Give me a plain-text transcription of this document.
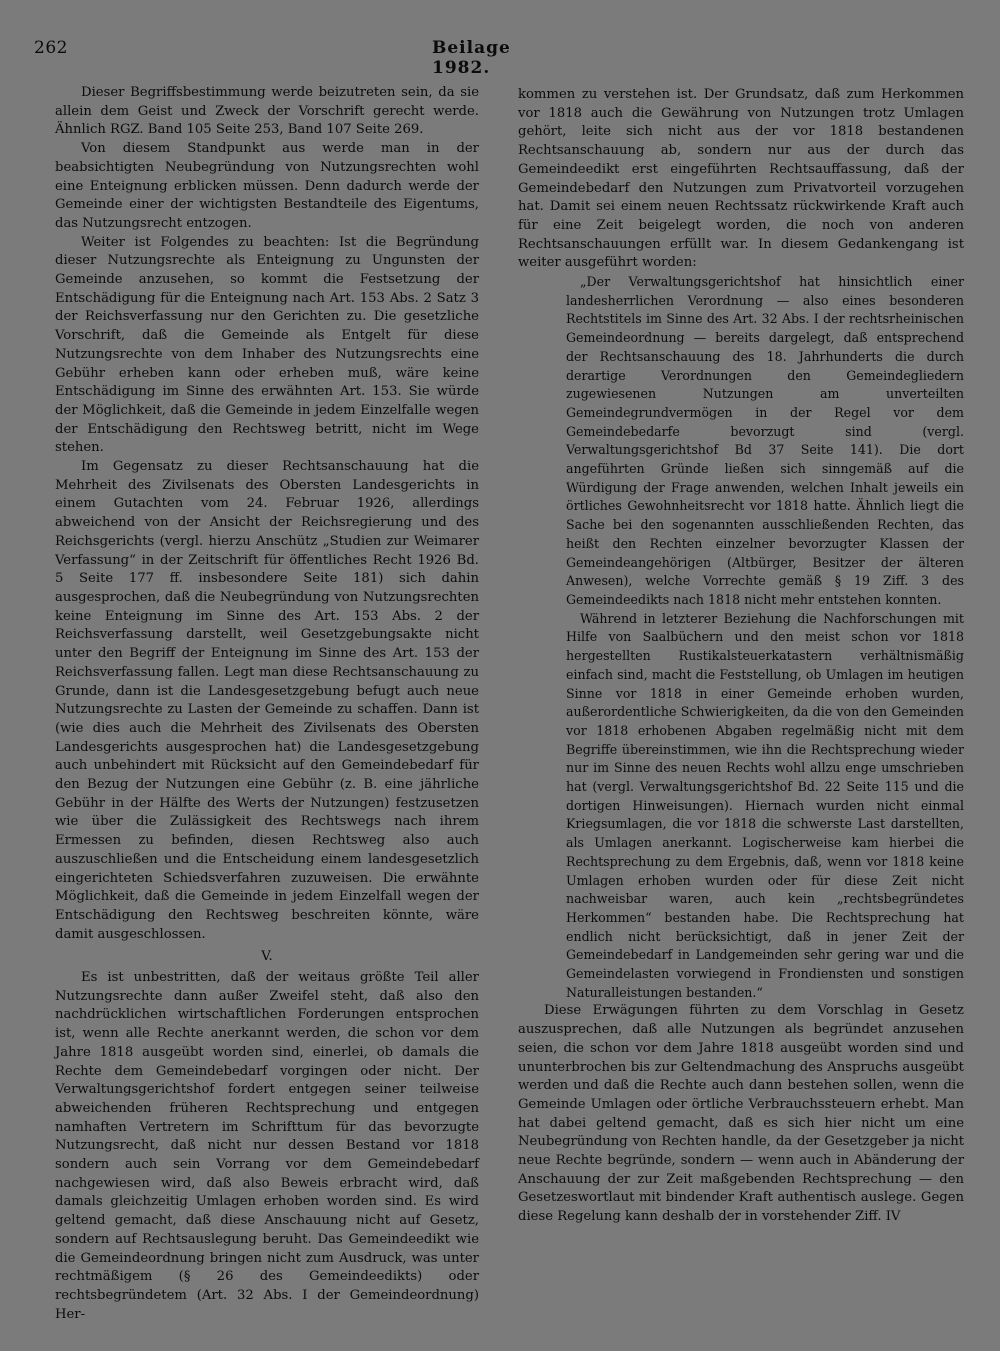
262	Beilage 1982.

Dieser Begriffsbestimmung werde beizutreten sein, da sie allein dem Geist und Zweck der Vorschrift gerecht werde. Ähnlich RGZ. Band 105 Seite 253, Band 107 Seite 269.

Von diesem Standpunkt aus werde man in der beabsichtigten Neubegründung von Nutzungsrechten wohl eine Enteignung erblicken müssen. Denn dadurch werde der Gemeinde einer der wichtigsten Bestandteile des Eigentums, das Nutzungsrecht entzogen.

Weiter ist Folgendes zu beachten: Ist die Begründung dieser Nutzungsrechte als Enteignung zu Ungunsten der Gemeinde anzusehen, so kommt die Festsetzung der Entschädigung für die Enteignung nach Art. 153 Abs. 2 Satz 3 der Reichsverfassung nur den Gerichten zu. Die gesetzliche Vorschrift, daß die Gemeinde als Entgelt für diese Nutzungsrechte von dem Inhaber des Nutzungsrechts eine Gebühr erheben kann oder erheben muß, wäre keine Entschädigung im Sinne des erwähnten Art. 153. Sie würde der Möglichkeit, daß die Gemeinde in jedem Einzelfalle wegen der Entschädigung den Rechtsweg betritt, nicht im Wege stehen.

Im Gegensatz zu dieser Rechtsanschauung hat die Mehrheit des Zivilsenats des Obersten Landesgerichts in einem Gutachten vom 24. Februar 1926, allerdings abweichend von der Ansicht der Reichsregierung und des Reichsgerichts (vergl. hierzu Anschütz „Studien zur Weimarer Verfassung“ in der Zeitschrift für öffentliches Recht 1926 Bd. 5 Seite 177 ff. insbesondere Seite 181) sich dahin ausgesprochen, daß die Neubegründung von Nutzungsrechten keine Enteignung im Sinne des Art. 153 Abs. 2 der Reichsverfassung darstellt, weil Gesetzgebungsakte nicht unter den Begriff der Enteignung im Sinne des Art. 153 der Reichsverfassung fallen. Legt man diese Rechtsanschauung zu Grunde, dann ist die Landesgesetzgebung befugt auch neue Nutzungsrechte zu Lasten der Gemeinde zu schaffen. Dann ist (wie dies auch die Mehrheit des Zivilsenats des Obersten Landesgerichts ausgesprochen hat) die Landesgesetzgebung auch unbehindert mit Rücksicht auf den Gemeindebedarf für den Bezug der Nutzungen eine Gebühr (z. B. eine jährliche Gebühr in der Hälfte des Werts der Nutzungen) festzusetzen wie über die Zulässigkeit des Rechtswegs nach ihrem Ermessen zu befinden, diesen Rechtsweg also auch auszuschließen und die Entscheidung einem landesgesetzlich eingerichteten Schiedsverfahren zuzuweisen. Die erwähnte Möglichkeit, daß die Gemeinde in jedem Einzelfall wegen der Entschädigung den Rechtsweg beschreiten könnte, wäre damit ausgeschlossen.

V.

Es ist unbestritten, daß der weitaus größte Teil aller Nutzungsrechte dann außer Zweifel steht, daß also den nachdrücklichen wirtschaftlichen Forderungen entsprochen ist, wenn alle Rechte anerkannt werden, die schon vor dem Jahre 1818 ausgeübt worden sind, einerlei, ob damals die Rechte dem Gemeindebedarf vorgingen oder nicht. Der Verwaltungsgerichtshof fordert entgegen seiner teilweise abweichenden früheren Rechtsprechung und entgegen namhaften Vertretern im Schrifttum für das bevorzugte Nutzungsrecht, daß nicht nur dessen Bestand vor 1818 sondern auch sein Vorrang vor dem Gemeindebedarf nachgewiesen wird, daß also Beweis erbracht wird, daß damals gleichzeitig Umlagen erhoben worden sind. Es wird geltend gemacht, daß diese Anschauung nicht auf Gesetz, sondern auf Rechtsauslegung beruht. Das Gemeindeedikt wie die Gemeindeordnung bringen nicht zum Ausdruck, was unter rechtmäßigem (§ 26 des Gemeindeedikts) oder rechtsbegründetem (Art. 32 Abs. I der Gemeindeordnung) Her-

kommen zu verstehen ist. Der Grundsatz, daß zum Herkommen vor 1818 auch die Gewährung von Nutzungen trotz Umlagen gehört, leite sich nicht aus der vor 1818 bestandenen Rechtsanschauung ab, sondern nur aus der durch das Gemeindeedikt erst eingeführten Rechtsauffassung, daß der Gemeindebedarf den Nutzungen zum Privatvorteil vorzugehen hat. Damit sei einem neuen Rechtssatz rückwirkende Kraft auch für eine Zeit beigelegt worden, die noch von anderen Rechtsanschauungen erfüllt war. In diesem Gedankengang ist weiter ausgeführt worden:

„Der Verwaltungsgerichtshof hat hinsichtlich einer landesherrlichen Verordnung — also eines besonderen Rechtstitels im Sinne des Art. 32 Abs. I der rechtsrheinischen Gemeindeordnung — bereits dargelegt, daß entsprechend der Rechtsanschauung des 18. Jahrhunderts die durch derartige Verordnungen den Gemeindegliedern zugewiesenen Nutzungen am unverteilten Gemeindegrundvermögen in der Regel vor dem Gemeindebedarfe bevorzugt sind (vergl. Verwaltungsgerichtshof Bd 37 Seite 141). Die dort angeführten Gründe ließen sich sinngemäß auf die Würdigung der Frage anwenden, welchen Inhalt jeweils ein örtliches Gewohnheitsrecht vor 1818 hatte. Ähnlich liegt die Sache bei den sogenannten ausschließenden Rechten, das heißt den Rechten einzelner bevorzugter Klassen der Gemeindeangehörigen (Altbürger, Besitzer der älteren Anwesen), welche Vorrechte gemäß § 19 Ziff. 3 des Gemeindeedikts nach 1818 nicht mehr entstehen konnten.

Während in letzterer Beziehung die Nachforschungen mit Hilfe von Saalbüchern und den meist schon vor 1818 hergestellten Rustikalsteuerkatastern verhältnismäßig einfach sind, macht die Feststellung, ob Umlagen im heutigen Sinne vor 1818 in einer Gemeinde erhoben wurden, außerordentliche Schwierigkeiten, da die von den Gemeinden vor 1818 erhobenen Abgaben regelmäßig nicht mit dem Begriffe übereinstimmen, wie ihn die Rechtsprechung wieder nur im Sinne des neuen Rechts wohl allzu enge umschrieben hat (vergl. Verwaltungsgerichtshof Bd. 22 Seite 115 und die dortigen Hinweisungen). Hiernach wurden nicht einmal Kriegsumlagen, die vor 1818 die schwerste Last darstellten, als Umlagen anerkannt. Logischerweise kam hierbei die Rechtsprechung zu dem Ergebnis, daß, wenn vor 1818 keine Umlagen erhoben wurden oder für diese Zeit nicht nachweisbar waren, auch kein „rechtsbegründetes Herkommen“ bestanden habe. Die Rechtsprechung hat endlich nicht berücksichtigt, daß in jener Zeit der Gemeindebedarf in Landgemeinden sehr gering war und die Gemeindelasten vorwiegend in Frondiensten und sonstigen Naturalleistungen bestanden.“

Diese Erwägungen führten zu dem Vorschlag in Gesetz auszusprechen, daß alle Nutzungen als begründet anzusehen seien, die schon vor dem Jahre 1818 ausgeübt worden sind und ununterbrochen bis zur Geltendmachung des Anspruchs ausgeübt werden und daß die Rechte auch dann bestehen sollen, wenn die Gemeinde Umlagen oder örtliche Verbrauchssteuern erhebt. Man hat dabei geltend gemacht, daß es sich hier nicht um eine Neubegründung von Rechten handle, da der Gesetzgeber ja nicht neue Rechte begründe, sondern — wenn auch in Abänderung der Anschauung der zur Zeit maßgebenden Rechtsprechung — den Gesetzeswortlaut mit bindender Kraft authentisch auslege. Gegen diese Regelung kann deshalb der in vorstehender Ziff. IV
